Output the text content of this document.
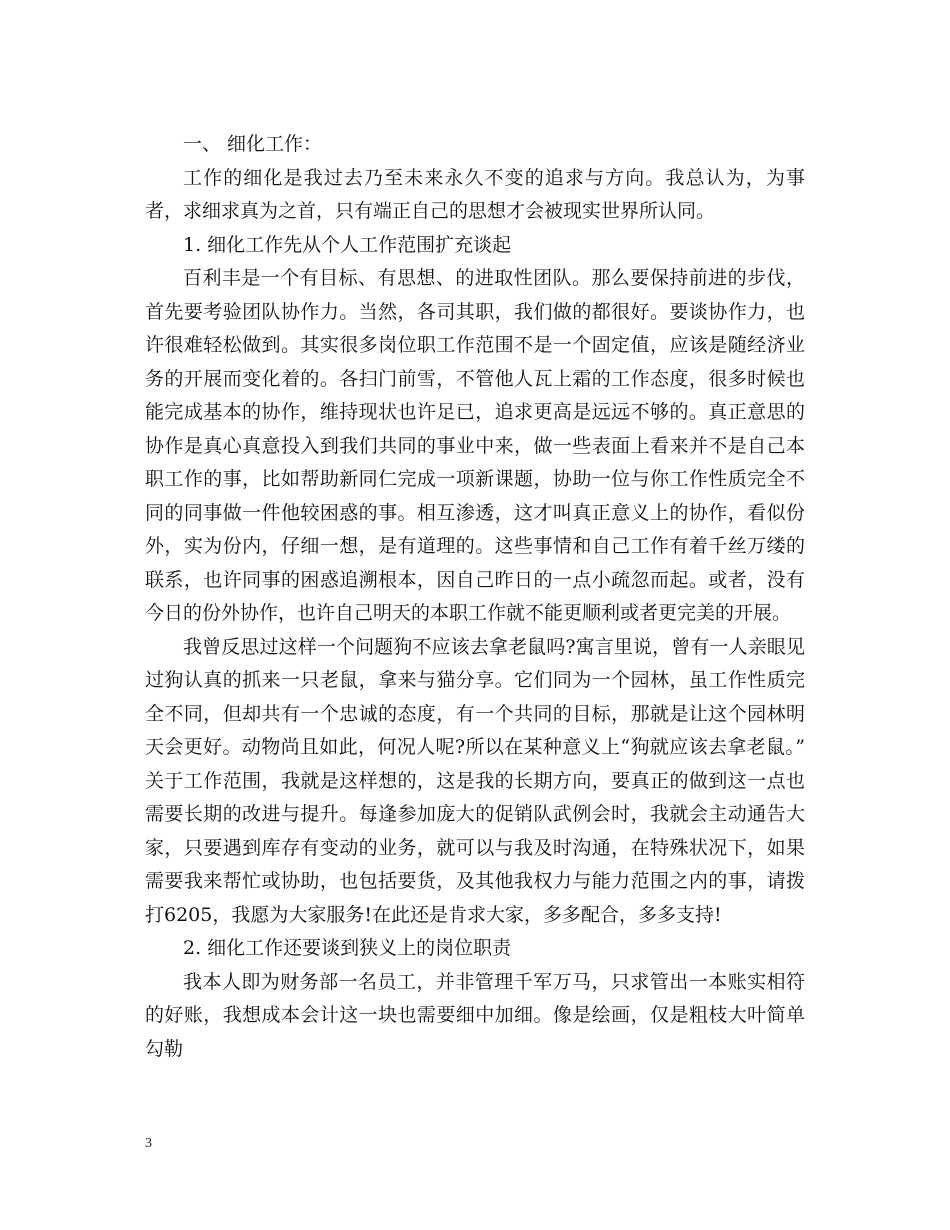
一、 细化工作：

工作的细化是我过去乃至未来永久不变的追求与方向。我总认为，为事者，求细求真为之首，只有端正自己的思想才会被现实世界所认同。

1. 细化工作先从个人工作范围扩充谈起

百利丰是一个有目标、有思想、的进取性团队。那么要保持前进的步伐，首先要考验团队协作力。当然，各司其职，我们做的都很好。要谈协作力，也许很难轻松做到。其实很多岗位职工作范围不是一个固定值，应该是随经济业务的开展而变化着的。各扫门前雪，不管他人瓦上霜的工作态度，很多时候也能完成基本的协作，维持现状也许足已，追求更高是远远不够的。真正意思的协作是真心真意投入到我们共同的事业中来，做一些表面上看来并不是自己本职工作的事，比如帮助新同仁完成一项新课题，协助一位与你工作性质完全不同的同事做一件他较困惑的事。相互渗透，这才叫真正意义上的协作，看似份外，实为份内，仔细一想，是有道理的。这些事情和自己工作有着千丝万缕的联系，也许同事的困惑追溯根本，因自己昨日的一点小疏忽而起。或者，没有今日的份外协作，也许自己明天的本职工作就不能更顺利或者更完美的开展。

我曾反思过这样一个问题狗不应该去拿老鼠吗?寓言里说，曾有一人亲眼见过狗认真的抓来一只老鼠，拿来与猫分享。它们同为一个园林，虽工作性质完全不同，但却共有一个忠诚的态度，有一个共同的目标，那就是让这个园林明天会更好。动物尚且如此，何况人呢?所以在某种意义上“狗就应该去拿老鼠。” 关于工作范围，我就是这样想的，这是我的长期方向，要真正的做到这一点也需要长期的改进与提升。每逢参加庞大的促销队武例会时，我就会主动通告大家，只要遇到库存有变动的业务，就可以与我及时沟通，在特殊状况下，如果需要我来帮忙或协助，也包括要货，及其他我权力与能力范围之内的事，请拨打6205，我愿为大家服务!在此还是肯求大家，多多配合，多多支持!

2. 细化工作还要谈到狭义上的岗位职责

我本人即为财务部一名员工，并非管理千军万马，只求管出一本账实相符的好账，我想成本会计这一块也需要细中加细。像是绘画，仅是粗枝大叶简单勾勒

3
